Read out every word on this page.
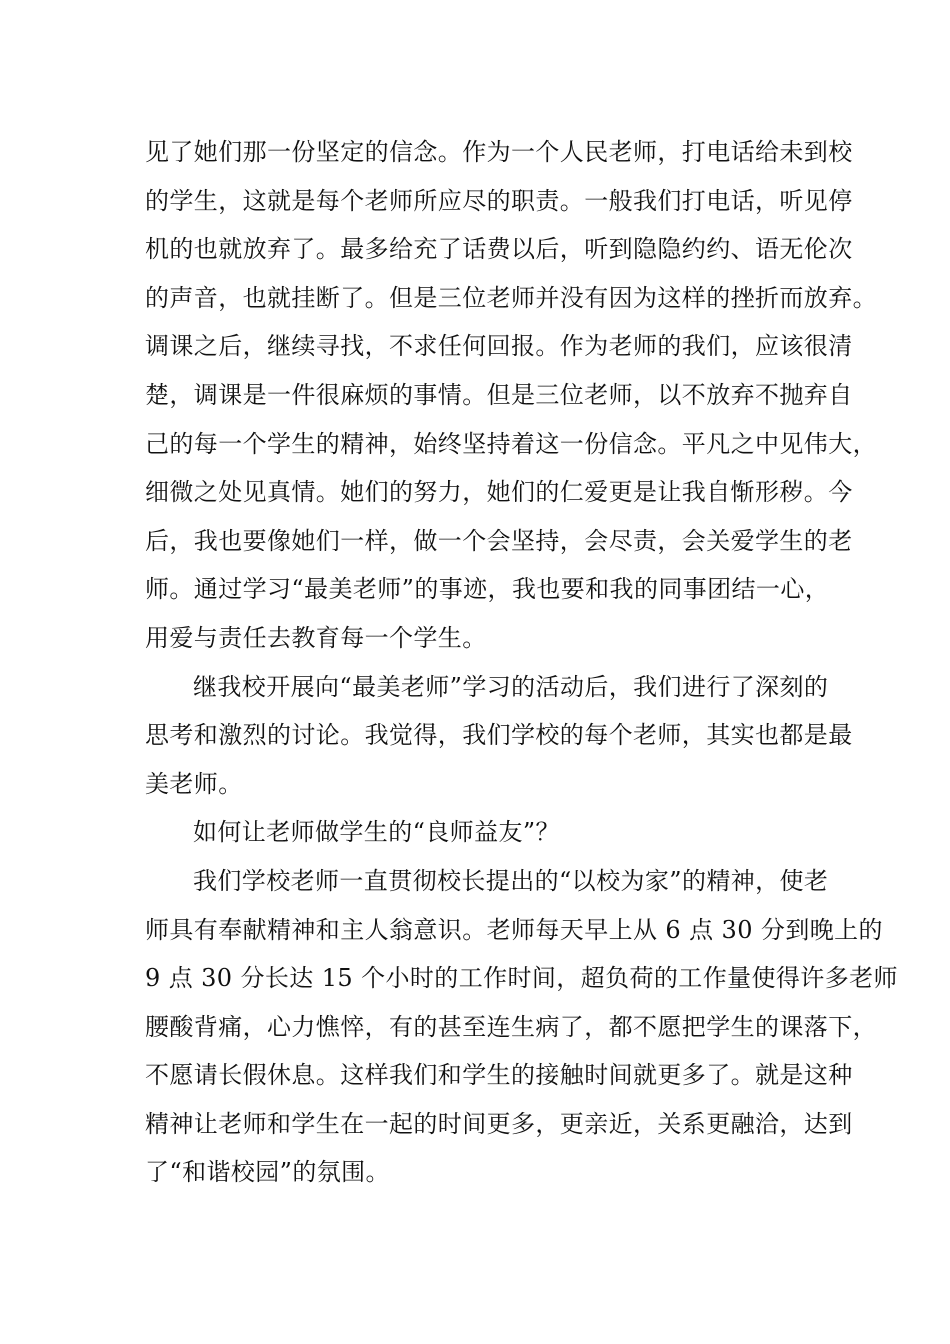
见了她们那一份坚定的信念。作为一个人民老师，打电话给未到校
的学生，这就是每个老师所应尽的职责。一般我们打电话，听见停
机的也就放弃了。最多给充了话费以后，听到隐隐约约、语无伦次
的声音，也就挂断了。但是三位老师并没有因为这样的挫折而放弃。
调课之后，继续寻找，不求任何回报。作为老师的我们，应该很清
楚，调课是一件很麻烦的事情。但是三位老师，以不放弃不抛弃自
己的每一个学生的精神，始终坚持着这一份信念。平凡之中见伟大，
细微之处见真情。她们的努力，她们的仁爱更是让我自惭形秽。今
后，我也要像她们一样，做一个会坚持，会尽责，会关爱学生的老
师。通过学习“最美老师”的事迹，我也要和我的同事团结一心，
用爱与责任去教育每一个学生。
继我校开展向“最美老师”学习的活动后，我们进行了深刻的
思考和激烈的讨论。我觉得，我们学校的每个老师，其实也都是最
美老师。
如何让老师做学生的“良师益友”？
我们学校老师一直贯彻校长提出的“以校为家”的精神，使老
师具有奉献精神和主人翁意识。老师每天早上从 6 点 30 分到晚上的
9 点 30 分长达 15 个小时的工作时间，超负荷的工作量使得许多老师
腰酸背痛，心力憔悴，有的甚至连生病了，都不愿把学生的课落下，
不愿请长假休息。这样我们和学生的接触时间就更多了。就是这种
精神让老师和学生在一起的时间更多，更亲近，关系更融洽，达到
了“和谐校园”的氛围。
